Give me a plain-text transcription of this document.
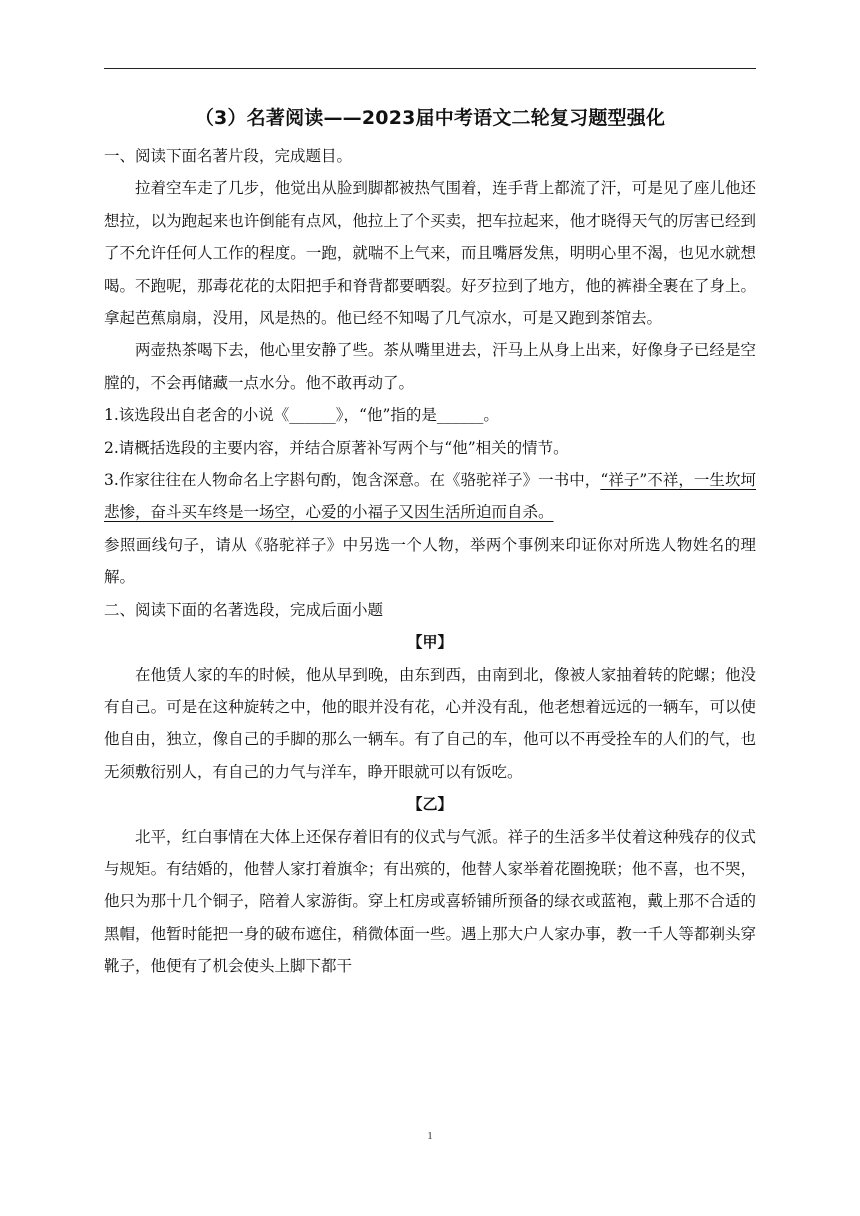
（3）名著阅读——2023届中考语文二轮复习题型强化

一、阅读下面名著片段，完成题目。

拉着空车走了几步，他觉出从脸到脚都被热气围着，连手背上都流了汗，可是见了座儿他还想拉，以为跑起来也许倒能有点风，他拉上了个买卖，把车拉起来，他才晓得天气的厉害已经到了不允许任何人工作的程度。一跑，就喘不上气来，而且嘴唇发焦，明明心里不渴，也见水就想喝。不跑呢，那毒花花的太阳把手和脊背都要晒裂。好歹拉到了地方，他的裤褂全裹在了身上。拿起芭蕉扇扇，没用，风是热的。他已经不知喝了几气凉水，可是又跑到茶馆去。

两壶热茶喝下去，他心里安静了些。茶从嘴里进去，汗马上从身上出来，好像身子已经是空膛的，不会再储藏一点水分。他不敢再动了。

1.该选段出自老舍的小说《______》，“他”指的是______。

2.请概括选段的主要内容，并结合原著补写两个与“他”相关的情节。

3.作家往往在人物命名上字斟句酌，饱含深意。在《骆驼祥子》一书中，“祥子”不祥，一生坎坷悲惨，奋斗买车终是一场空，心爱的小福子又因生活所迫而自杀。

参照画线句子，请从《骆驼祥子》中另选一个人物，举两个事例来印证你对所选人物姓名的理解。

二、阅读下面的名著选段，完成后面小题

【甲】

在他赁人家的车的时候，他从早到晚，由东到西，由南到北，像被人家抽着转的陀螺；他没有自己。可是在这种旋转之中，他的眼并没有花，心并没有乱，他老想着远远的一辆车，可以使他自由，独立，像自己的手脚的那么一辆车。有了自己的车，他可以不再受拴车的人们的气，也无须敷衍别人，有自己的力气与洋车，睁开眼就可以有饭吃。

【乙】

北平，红白事情在大体上还保存着旧有的仪式与气派。祥子的生活多半仗着这种残存的仪式与规矩。有结婚的，他替人家打着旗伞；有出殡的，他替人家举着花圈挽联；他不喜，也不哭，他只为那十几个铜子，陪着人家游街。穿上杠房或喜轿铺所预备的绿衣或蓝袍，戴上那不合适的黑帽，他暂时能把一身的破布遮住，稍微体面一些。遇上那大户人家办事，教一千人等都剃头穿靴子，他便有了机会使头上脚下都干

1
